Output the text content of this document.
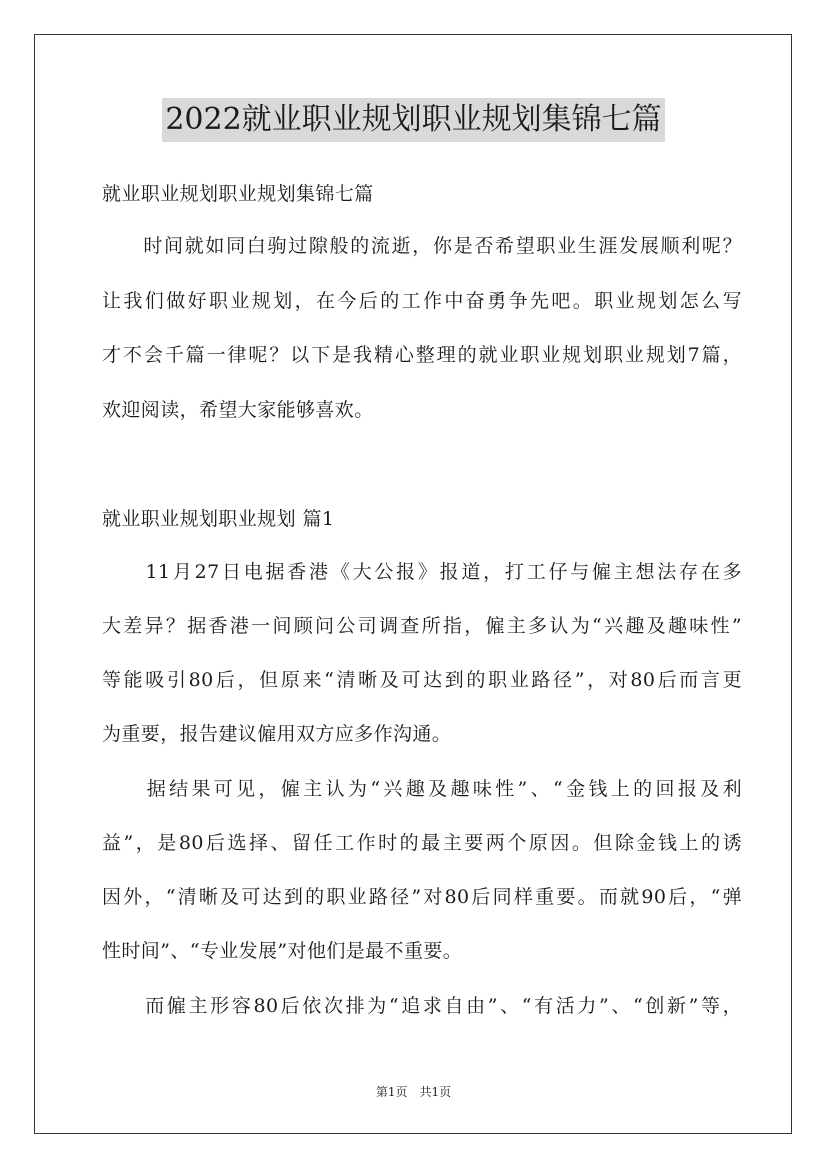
2022就业职业规划职业规划集锦七篇

就业职业规划职业规划集锦七篇

　　时间就如同白驹过隙般的流逝，你是否希望职业生涯发展顺利呢？

让我们做好职业规划，在今后的工作中奋勇争先吧。职业规划怎么写

才不会千篇一律呢？以下是我精心整理的就业职业规划职业规划7篇，

欢迎阅读，希望大家能够喜欢。

就业职业规划职业规划 篇1

　　11月27日电据香港《大公报》报道，打工仔与僱主想法存在多

大差异？据香港一间顾问公司调查所指，僱主多认为“兴趣及趣味性”

等能吸引80后，但原来“清晰及可达到的职业路径”，对80后而言更

为重要，报告建议僱用双方应多作沟通。

　　据结果可见，僱主认为“兴趣及趣味性”、“金钱上的回报及利

益”，是80后选择、留任工作时的最主要两个原因。但除金钱上的诱

因外，“清晰及可达到的职业路径”对80后同样重要。而就90后，“弹

性时间”、“专业发展”对他们是最不重要。

　　而僱主形容80后依次排为“追求自由”、“有活力”、“创新”等，

第1页　共1页
